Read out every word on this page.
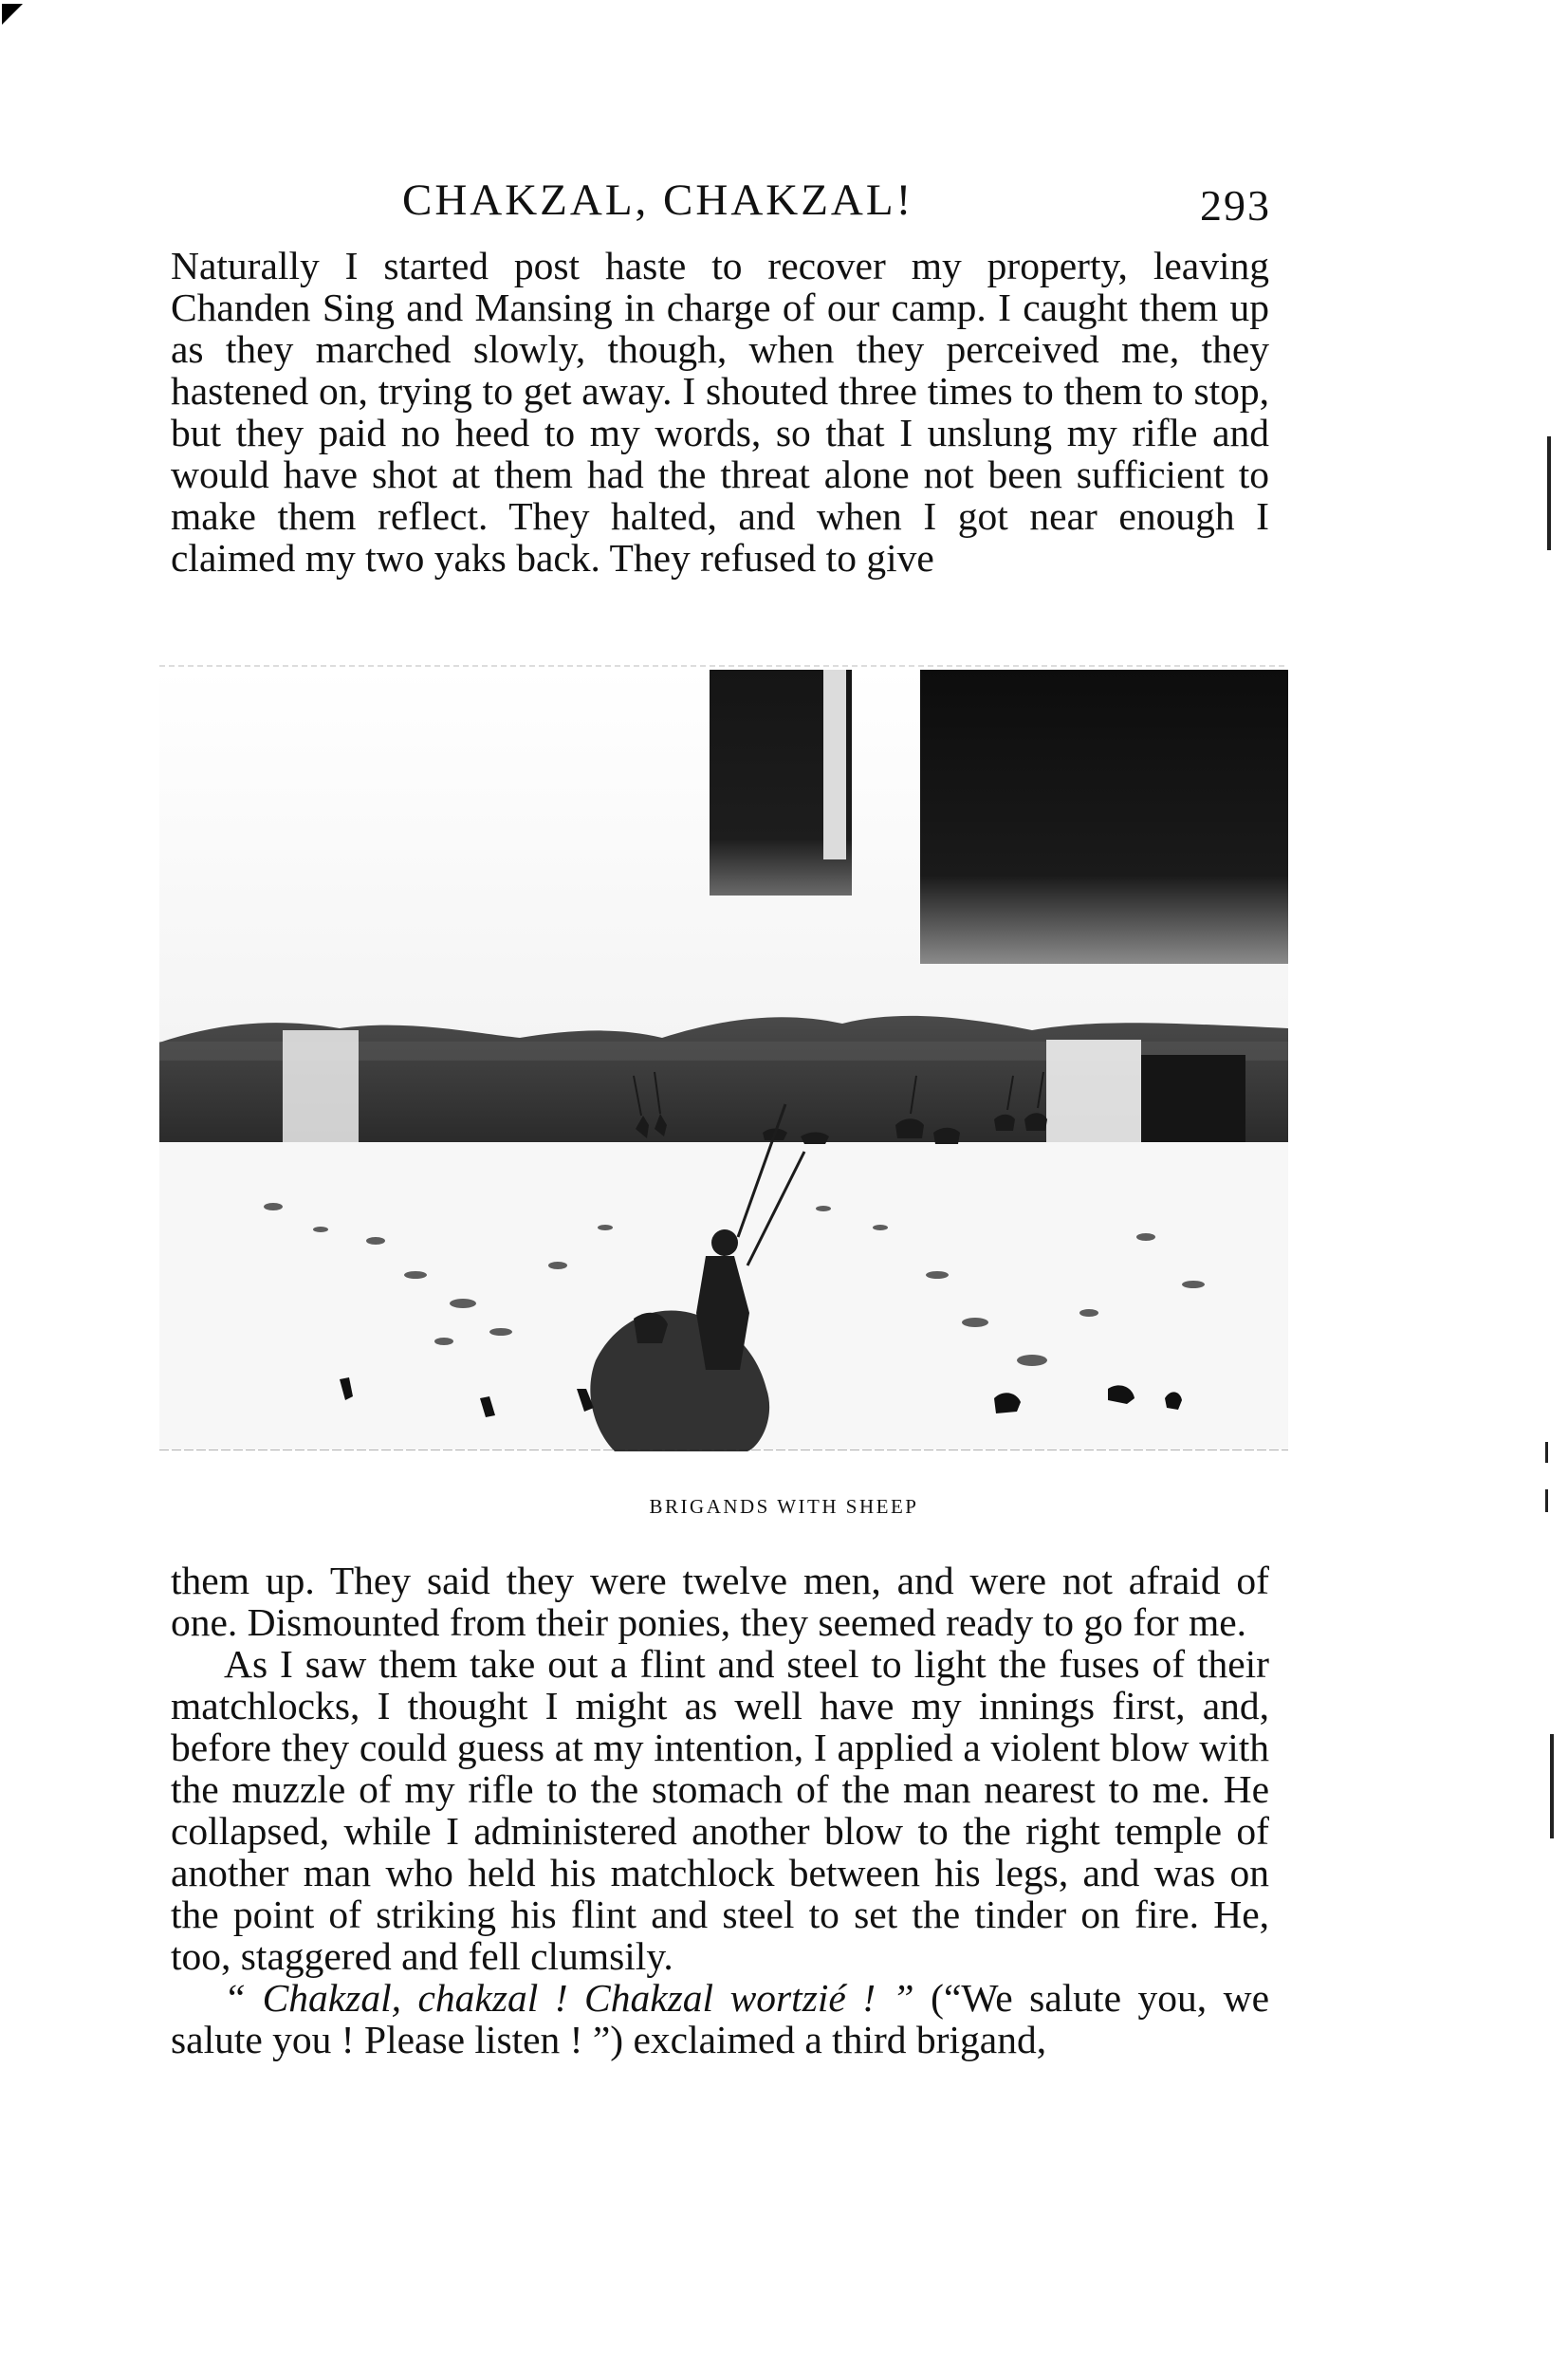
CHAKZAL, CHAKZAL!	293

Naturally I started post haste to recover my property, leaving Chanden Sing and Mansing in charge of our camp. I caught them up as they marched slowly, though, when they perceived me, they hastened on, trying to get away. I shouted three times to them to stop, but they paid no heed to my words, so that I unslung my rifle and would have shot at them had the threat alone not been sufficient to make them reflect. They halted, and when I got near enough I claimed my two yaks back. They refused to give

BRIGANDS WITH SHEEP

them up. They said they were twelve men, and were not afraid of one. Dismounted from their ponies, they seemed ready to go for me.

As I saw them take out a flint and steel to light the fuses of their matchlocks, I thought I might as well have my innings first, and, before they could guess at my intention, I applied a violent blow with the muzzle of my rifle to the stomach of the man nearest to me. He collapsed, while I administered another blow to the right temple of another man who held his matchlock between his legs, and was on the point of striking his flint and steel to set the tinder on fire. He, too, staggered and fell clumsily.

“ Chakzal, chakzal ! Chakzal wortzié ! ” (“We salute you, we salute you ! Please listen ! ”) exclaimed a third brigand,
